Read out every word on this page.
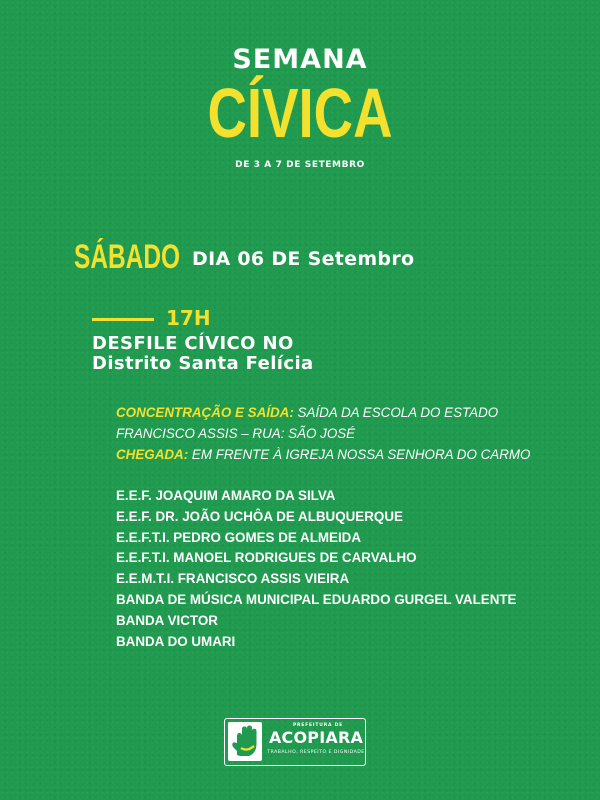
SEMANA
CÍVICA
DE 3 A 7 DE SETEMBRO
SÁBADO DIA 06 DE Setembro
17H
DESFILE CÍVICO NO
Distrito Santa Felícia
CONCENTRAÇÃO E SAÍDA: SAÍDA DA ESCOLA DO ESTADO
FRANCISCO ASSIS – RUA: SÃO JOSÉ
CHEGADA: EM FRENTE À IGREJA NOSSA SENHORA DO CARMO
E.E.F. JOAQUIM AMARO DA SILVA
E.E.F. DR. JOÃO UCHÔA DE ALBUQUERQUE
E.E.F.T.I. PEDRO GOMES DE ALMEIDA
E.E.F.T.I. MANOEL RODRIGUES DE CARVALHO
E.E.M.T.I. FRANCISCO ASSIS VIEIRA
BANDA DE MÚSICA MUNICIPAL EDUARDO GURGEL VALENTE
BANDA VICTOR
BANDA DO UMARI
PREFEITURA DE
ACOPIARA
TRABALHO, RESPEITO E DIGNIDADE
